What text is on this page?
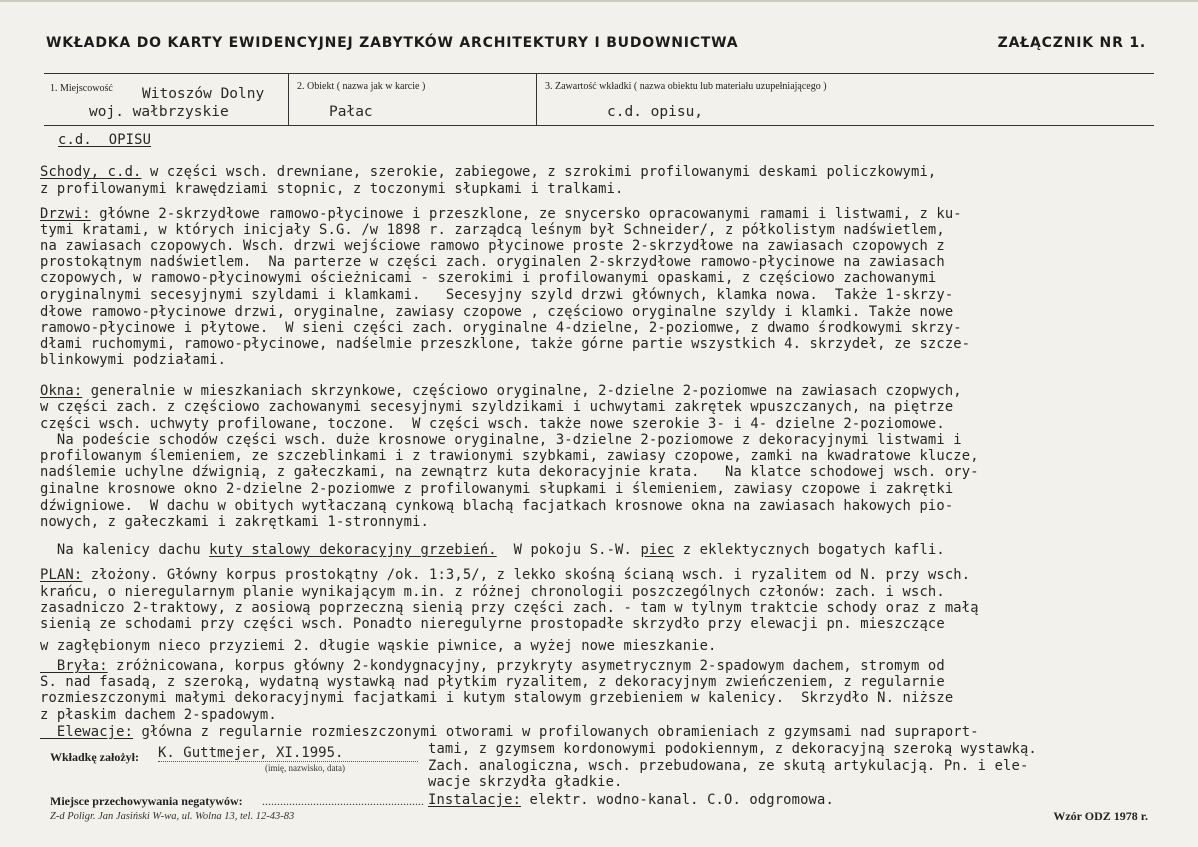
WKŁADKA DO KARTY EWIDENCYJNEJ ZABYTKÓW ARCHITEKTURY I BUDOWNICTWA	ZAŁĄCZNIK NR 1.
1. Miejscowość Witoszów Dolny
woj. wałbrzyskie
2. Obiekt ( nazwa jak w karcie )
Pałac
3. Zawartość wkładki ( nazwa obiektu lub materiału uzupełniającego )
c.d. opisu,
c.d.  OPISU
Schody, c.d. w części wsch. drewniane, szerokie, zabiegowe, z szrokimi profilowanymi deskami policzkowymi,
z profilowanymi krawędziami stopnic, z toczonymi słupkami i tralkami.
Drzwi: główne 2-skrzydłowe ramowo-płycinowe i przeszklone, ze snycersko opracowanymi ramami i listwami, z ku-
tymi kratami, w których inicjały S.G. /w 1898 r. zarządcą leśnym był Schneider/, z półkolistym nadświetlem,
na zawiasach czopowych. Wsch. drzwi wejściowe ramowo płycinowe proste 2-skrzydłowe na zawiasach czopowych z
prostokątnym nadświetlem.  Na parterze w części zach. oryginalen 2-skrzydłowe ramowo-płycinowe na zawiasach
czopowych, w ramowo-płycinowymi ościeżnicami - szerokimi i profilowanymi opaskami, z częściowo zachowanymi
oryginalnymi secesyjnymi szyldami i klamkami.   Secesyjny szyld drzwi głównych, klamka nowa.  Także 1-skrzy-
dłowe ramowo-płycinowe drzwi, oryginalne, zawiasy czopowe , częściowo oryginalne szyldy i klamki. Także nowe
ramowo-płycinowe i płytowe.  W sieni części zach. oryginalne 4-dzielne, 2-poziomwe, z dwamo środkowymi skrzy-
dłami ruchomymi, ramowo-płycinowe, nadśelmie przeszklone, także górne partie wszystkich 4. skrzydeł, ze szcze-
blinkowymi podziałami.
Okna: generalnie w mieszkaniach skrzynkowe, częściowo oryginalne, 2-dzielne 2-poziomwe na zawiasach czopwych,
w części zach. z częściowo zachowanymi secesyjnymi szyldzikami i uchwytami zakrętek wpuszczanych, na piętrze
części wsch. uchwyty profilowane, toczone.  W części wsch. także nowe szerokie 3- i 4- dzielne 2-poziomowe.
Na podeście schodów części wsch. duże krosnowe oryginalne, 3-dzielne 2-poziomowe z dekoracyjnymi listwami i
profilowanym ślemieniem, ze szczeblinkami i z trawionymi szybkami, zawiasy czopowe, zamki na kwadratowe klucze,
nadślemie uchylne dźwignią, z gałeczkami, na zewnątrz kuta dekoracyjnie krata.   Na klatce schodowej wsch. ory-
ginalne krosnowe okno 2-dzielne 2-poziomwe z profilowanymi słupkami i ślemieniem, zawiasy czopowe i zakrętki
dźwigniowe.  W dachu w obitych wytłaczaną cynkową blachą facjatkach krosnowe okna na zawiasach hakowych pio-
nowych, z gałeczkami i zakrętkami 1-stronnymi.
Na kalenicy dachu kuty stalowy dekoracyjny grzebień.  W pokoju S.-W. piec z eklektycznych bogatych kafli.
PLAN: złożony. Główny korpus prostokątny /ok. 1:3,5/, z lekko skośną ścianą wsch. i ryzalitem od N. przy wsch.
krańcu, o nieregularnym planie wynikającym m.in. z różnej chronologii poszczególnych członów: zach. i wsch.
zasadniczo 2-traktowy, z aosiową poprzeczną sienią przy części zach. - tam w tylnym traktcie schody oraz z małą
sienią ze schodami przy części wsch. Ponadto nieregulyrne prostopadłe skrzydło przy elewacji pn. mieszczące
w zagłębionym nieco przyziemi 2. długie wąskie piwnice, a wyżej nowe mieszkanie.
Bryła: zróżnicowana, korpus główny 2-kondygnacyjny, przykryty asymetrycznym 2-spadowym dachem, stromym od
S. nad fasadą, z szeroką, wydatną wystawką nad płytkim ryzalitem, z dekoracyjnym zwieńczeniem, z regularnie
rozmieszczonymi małymi dekoracyjnymi facjatkami i kutym stalowym grzebieniem w kalenicy.  Skrzydło N. niższe
z płaskim dachem 2-spadowym.
Elewacje: główna z regularnie rozmieszczonymi otworami w profilowanych obramieniach z gzymsami nad supraport-
tami, z gzymsem kordonowymi podokiennym, z dekoracyjną szeroką wystawką.
Zach. analogiczna, wsch. przebudowana, ze skutą artykulacją. Pn. i ele-
wacje skrzydła gładkie.
Instalacje: elektr. wodno-kanal. C.O. odgromowa.
Wkładkę założył: K. Guttmejer, XI.1995.
(imię, nazwisko, data)
Miejsce przechowywania negatywów: ......................................................
Z-d Poligr. Jan Jasiński W-wa, ul. Wolna 13, tel. 12-43-83	Wzór ODZ 1978 r.
